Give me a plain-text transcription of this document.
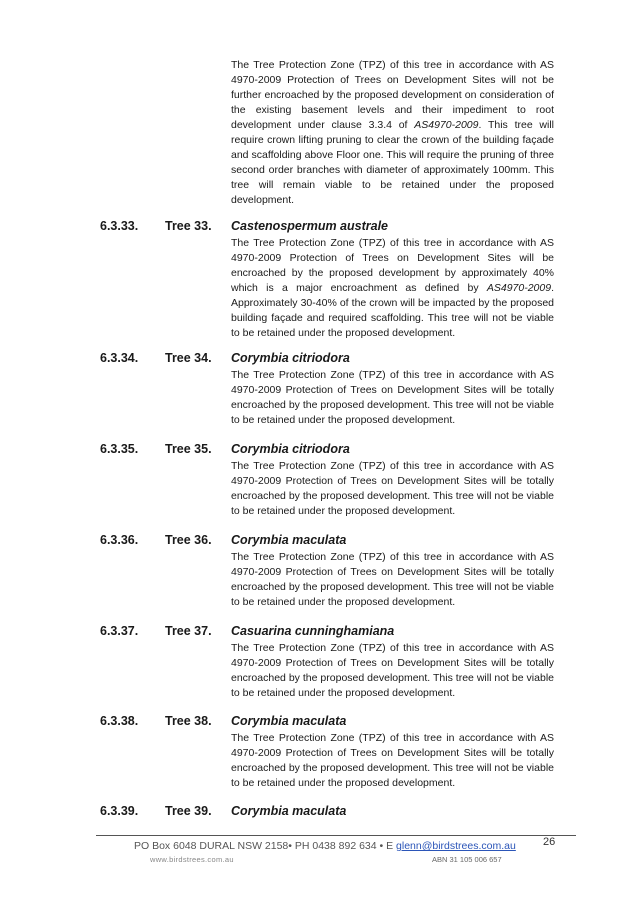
The Tree Protection Zone (TPZ) of this tree in accordance with AS 4970-2009 Protection of Trees on Development Sites will not be further encroached by the proposed development on consideration of the existing basement levels and their impediment to root development under clause 3.3.4 of AS4970-2009. This tree will require crown lifting pruning to clear the crown of the building façade and scaffolding above Floor one. This will require the pruning of three second order branches with diameter of approximately 100mm. This tree will remain viable to be retained under the proposed development.
6.3.33. Tree 33. Castenospermum australe
The Tree Protection Zone (TPZ) of this tree in accordance with AS 4970-2009 Protection of Trees on Development Sites will be encroached by the proposed development by approximately 40% which is a major encroachment as defined by AS4970-2009. Approximately 30-40% of the crown will be impacted by the proposed building façade and required scaffolding. This tree will not be viable to be retained under the proposed development.
6.3.34. Tree 34. Corymbia citriodora
The Tree Protection Zone (TPZ) of this tree in accordance with AS 4970-2009 Protection of Trees on Development Sites will be totally encroached by the proposed development. This tree will not be viable to be retained under the proposed development.
6.3.35. Tree 35. Corymbia citriodora
The Tree Protection Zone (TPZ) of this tree in accordance with AS 4970-2009 Protection of Trees on Development Sites will be totally encroached by the proposed development. This tree will not be viable to be retained under the proposed development.
6.3.36. Tree 36. Corymbia maculata
The Tree Protection Zone (TPZ) of this tree in accordance with AS 4970-2009 Protection of Trees on Development Sites will be totally encroached by the proposed development. This tree will not be viable to be retained under the proposed development.
6.3.37. Tree 37. Casuarina cunninghamiana
The Tree Protection Zone (TPZ) of this tree in accordance with AS 4970-2009 Protection of Trees on Development Sites will be totally encroached by the proposed development. This tree will not be viable to be retained under the proposed development.
6.3.38. Tree 38. Corymbia maculata
The Tree Protection Zone (TPZ) of this tree in accordance with AS 4970-2009 Protection of Trees on Development Sites will be totally encroached by the proposed development. This tree will not be viable to be retained under the proposed development.
6.3.39. Tree 39. Corymbia maculata
PO Box 6048 DURAL NSW 2158• PH 0438 892 634 • E glenn@birdstrees.com.au 26
www.birdstrees.com.au	ABN 31 105 006 657
